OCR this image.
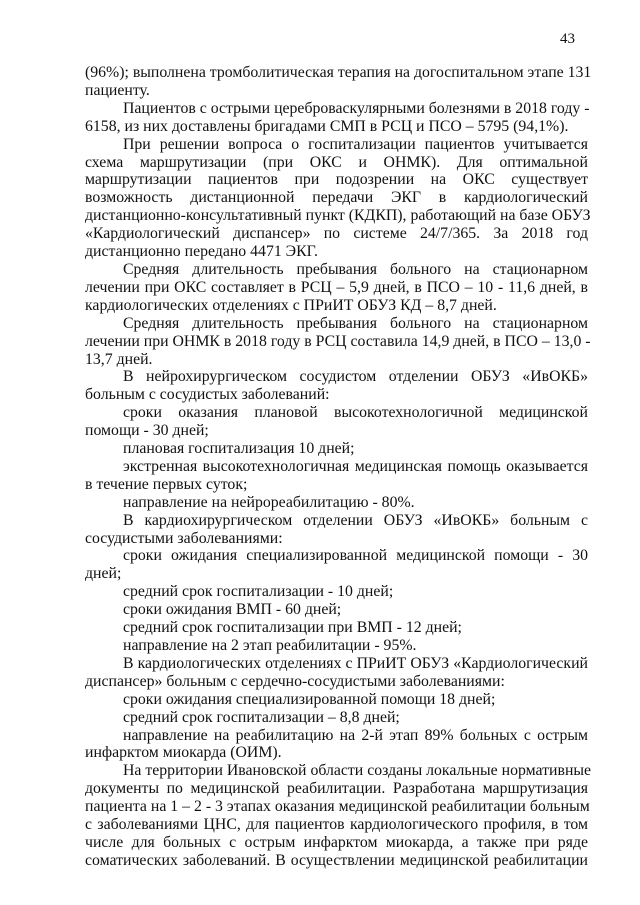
43
(96%); выполнена тромболитическая терапия на догоспитальном этапе 131
пациенту.
Пациентов с острыми цереброваскулярными болезнями в 2018 году -
6158, из них доставлены бригадами СМП в РСЦ и ПСО – 5795 (94,1%).
При решении вопроса о госпитализации пациентов учитывается
схема маршрутизации (при ОКС и ОНМК). Для оптимальной
маршрутизации пациентов при подозрении на ОКС существует
возможность дистанционной передачи ЭКГ в кардиологический
дистанционно-консультативный пункт (КДКП), работающий на базе ОБУЗ
«Кардиологический диспансер» по системе 24/7/365. За 2018 год
дистанционно передано 4471 ЭКГ.
Средняя длительность пребывания больного на стационарном
лечении при ОКС составляет в РСЦ – 5,9 дней, в ПСО – 10 - 11,6 дней, в
кардиологических отделениях с ПРиИТ ОБУЗ КД – 8,7 дней.
Средняя длительность пребывания больного на стационарном
лечении при ОНМК в 2018 году в РСЦ составила 14,9 дней, в ПСО – 13,0 -
13,7 дней.
В нейрохирургическом сосудистом отделении ОБУЗ «ИвОКБ»
больным с сосудистых заболеваний:
сроки оказания плановой высокотехнологичной медицинской
помощи - 30 дней;
плановая госпитализация 10 дней;
экстренная высокотехнологичная медицинская помощь оказывается
в течение первых суток;
направление на нейрореабилитацию - 80%.
В кардиохирургическом отделении ОБУЗ «ИвОКБ» больным с
сосудистыми заболеваниями:
сроки ожидания специализированной медицинской помощи - 30
дней;
средний срок госпитализации - 10 дней;
сроки ожидания ВМП - 60 дней;
средний срок госпитализации при ВМП - 12 дней;
направление на 2 этап реабилитации - 95%.
В кардиологических отделениях с ПРиИТ ОБУЗ «Кардиологический
диспансер» больным с сердечно-сосудистыми заболеваниями:
сроки ожидания специализированной помощи 18 дней;
средний срок госпитализации – 8,8 дней;
направление на реабилитацию на 2-й этап 89% больных с острым
инфарктом миокарда (ОИМ).
На территории Ивановской области созданы локальные нормативные
документы по медицинской реабилитации. Разработана маршрутизация
пациента на 1 – 2 - 3 этапах оказания медицинской реабилитации больным
с заболеваниями ЦНС, для пациентов кардиологического профиля, в том
числе для больных с острым инфарктом миокарда, а также при ряде
соматических заболеваний. В осуществлении медицинской реабилитации
